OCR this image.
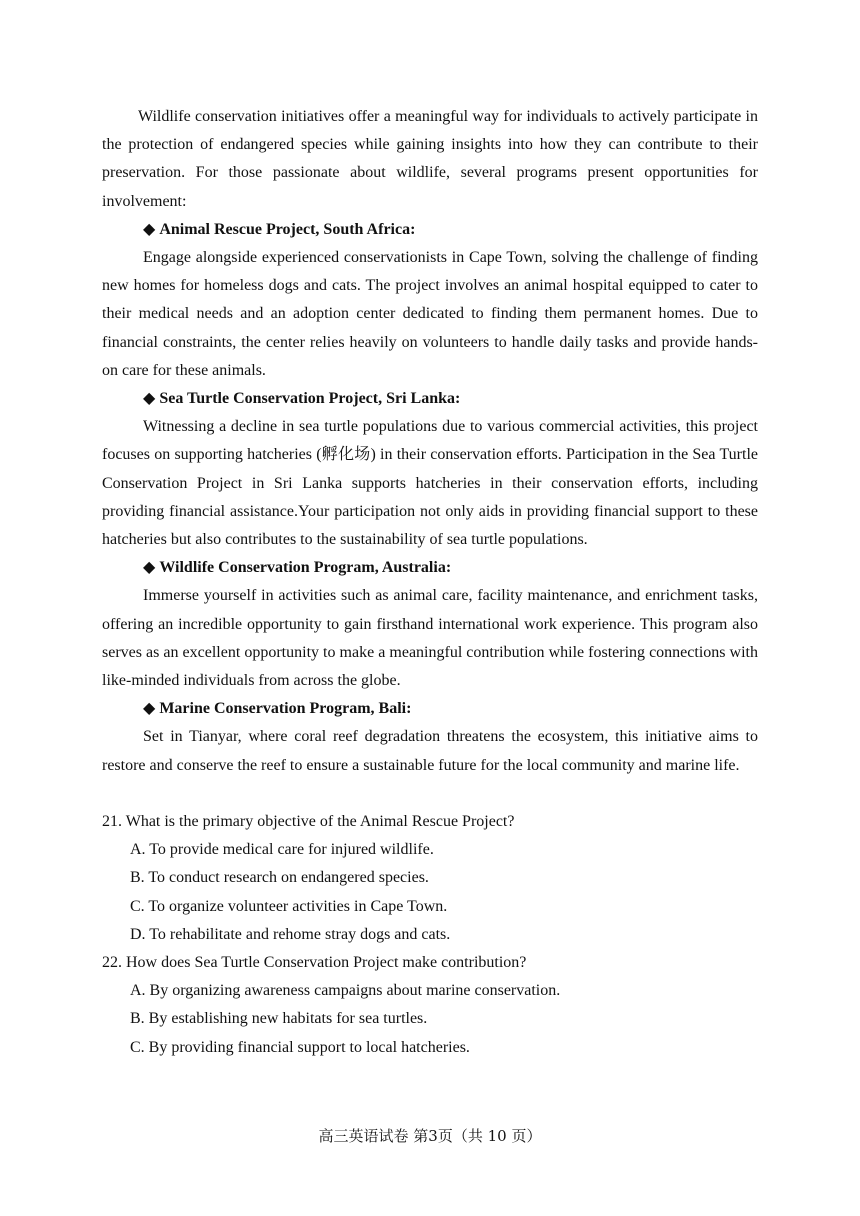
Wildlife conservation initiatives offer a meaningful way for individuals to actively participate in the protection of endangered species while gaining insights into how they can contribute to their preservation. For those passionate about wildlife, several programs present opportunities for involvement:

◆ Animal Rescue Project, South Africa:

Engage alongside experienced conservationists in Cape Town, solving the challenge of finding new homes for homeless dogs and cats. The project involves an animal hospital equipped to cater to their medical needs and an adoption center dedicated to finding them permanent homes. Due to financial constraints, the center relies heavily on volunteers to handle daily tasks and provide hands-on care for these animals.

◆ Sea Turtle Conservation Project, Sri Lanka:

Witnessing a decline in sea turtle populations due to various commercial activities, this project focuses on supporting hatcheries (孵化场) in their conservation efforts. Participation in the Sea Turtle Conservation Project in Sri Lanka supports hatcheries in their conservation efforts, including providing financial assistance.Your participation not only aids in providing financial support to these hatcheries but also contributes to the sustainability of sea turtle populations.

◆ Wildlife Conservation Program, Australia:

Immerse yourself in activities such as animal care, facility maintenance, and enrichment tasks, offering an incredible opportunity to gain firsthand international work experience. This program also serves as an excellent opportunity to make a meaningful contribution while fostering connections with like-minded individuals from across the globe.

◆ Marine Conservation Program, Bali:

Set in Tianyar, where coral reef degradation threatens the ecosystem, this initiative aims to restore and conserve the reef to ensure a sustainable future for the local community and marine life.

21. What is the primary objective of the Animal Rescue Project?

A. To provide medical care for injured wildlife.

B. To conduct research on endangered species.

C. To organize volunteer activities in Cape Town.

D. To rehabilitate and rehome stray dogs and cats.

22. How does Sea Turtle Conservation Project make contribution?

A. By organizing awareness campaigns about marine conservation.

B. By establishing new habitats for sea turtles.

C. By providing financial support to local hatcheries.

高三英语试卷 第3页（共 10 页）
